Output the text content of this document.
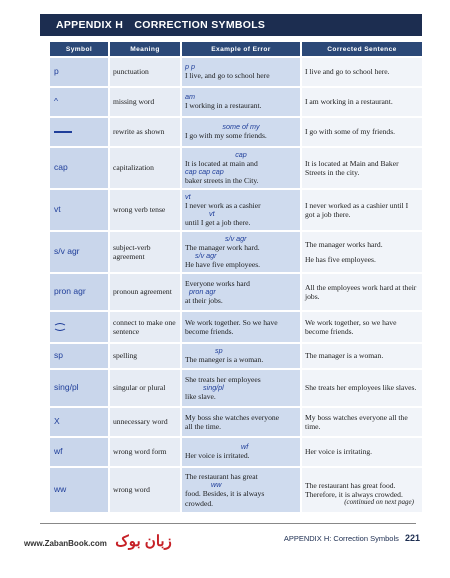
APPENDIX H CORRECTION SYMBOLS
Symbol	Meaning	Example of Error	Corrected Sentence
p	punctuation	p p
I live, and go to school here	I live and go to school here.
^	missing word	am
I working in a restaurant.	I am working in a restaurant.
	rewrite as shown	some of my
I go with my some friends.	I go with some of my friends.
cap	capitalization	cap
It is located at main and
cap cap cap
baker streets in the City.	It is located at Main and Baker Streets in the city.
vt	wrong verb tense	vt
I never work as a cashier
vt
until I get a job there.	I never worked as a cashier until I got a job there.
s/v agr	subject-verb agreement	s/v agr
The manager work hard.
s/v agr
He have five employees.	The manager works hard.
He has five employees.

pron agr	pronoun agreement	Everyone works hard
pron agr
at their jobs.	All the employees work hard at their jobs.
	connect to make one sentence	We work together. So we have
become friends.	We work together, so we have become friends.
sp	spelling	sp
The maneger is a woman.	The manager is a woman.
sing/pl	singular or plural	She treats her employees
sing/pl
like slave.	She treats her employees like slaves.
X	unnecessary word	My boss she watches everyone
all the time.	My boss watches everyone all the time.
wf	wrong word form	wf
Her voice is irritated.	Her voice is irritating.
ww	wrong word	The restaurant has great
ww
food. Besides, it is always
crowded.	The restaurant has great food. Therefore, it is always crowded.
(continued on next page)
www.ZabanBook.com زبان بوک	APPENDIX H: Correction Symbols 221
